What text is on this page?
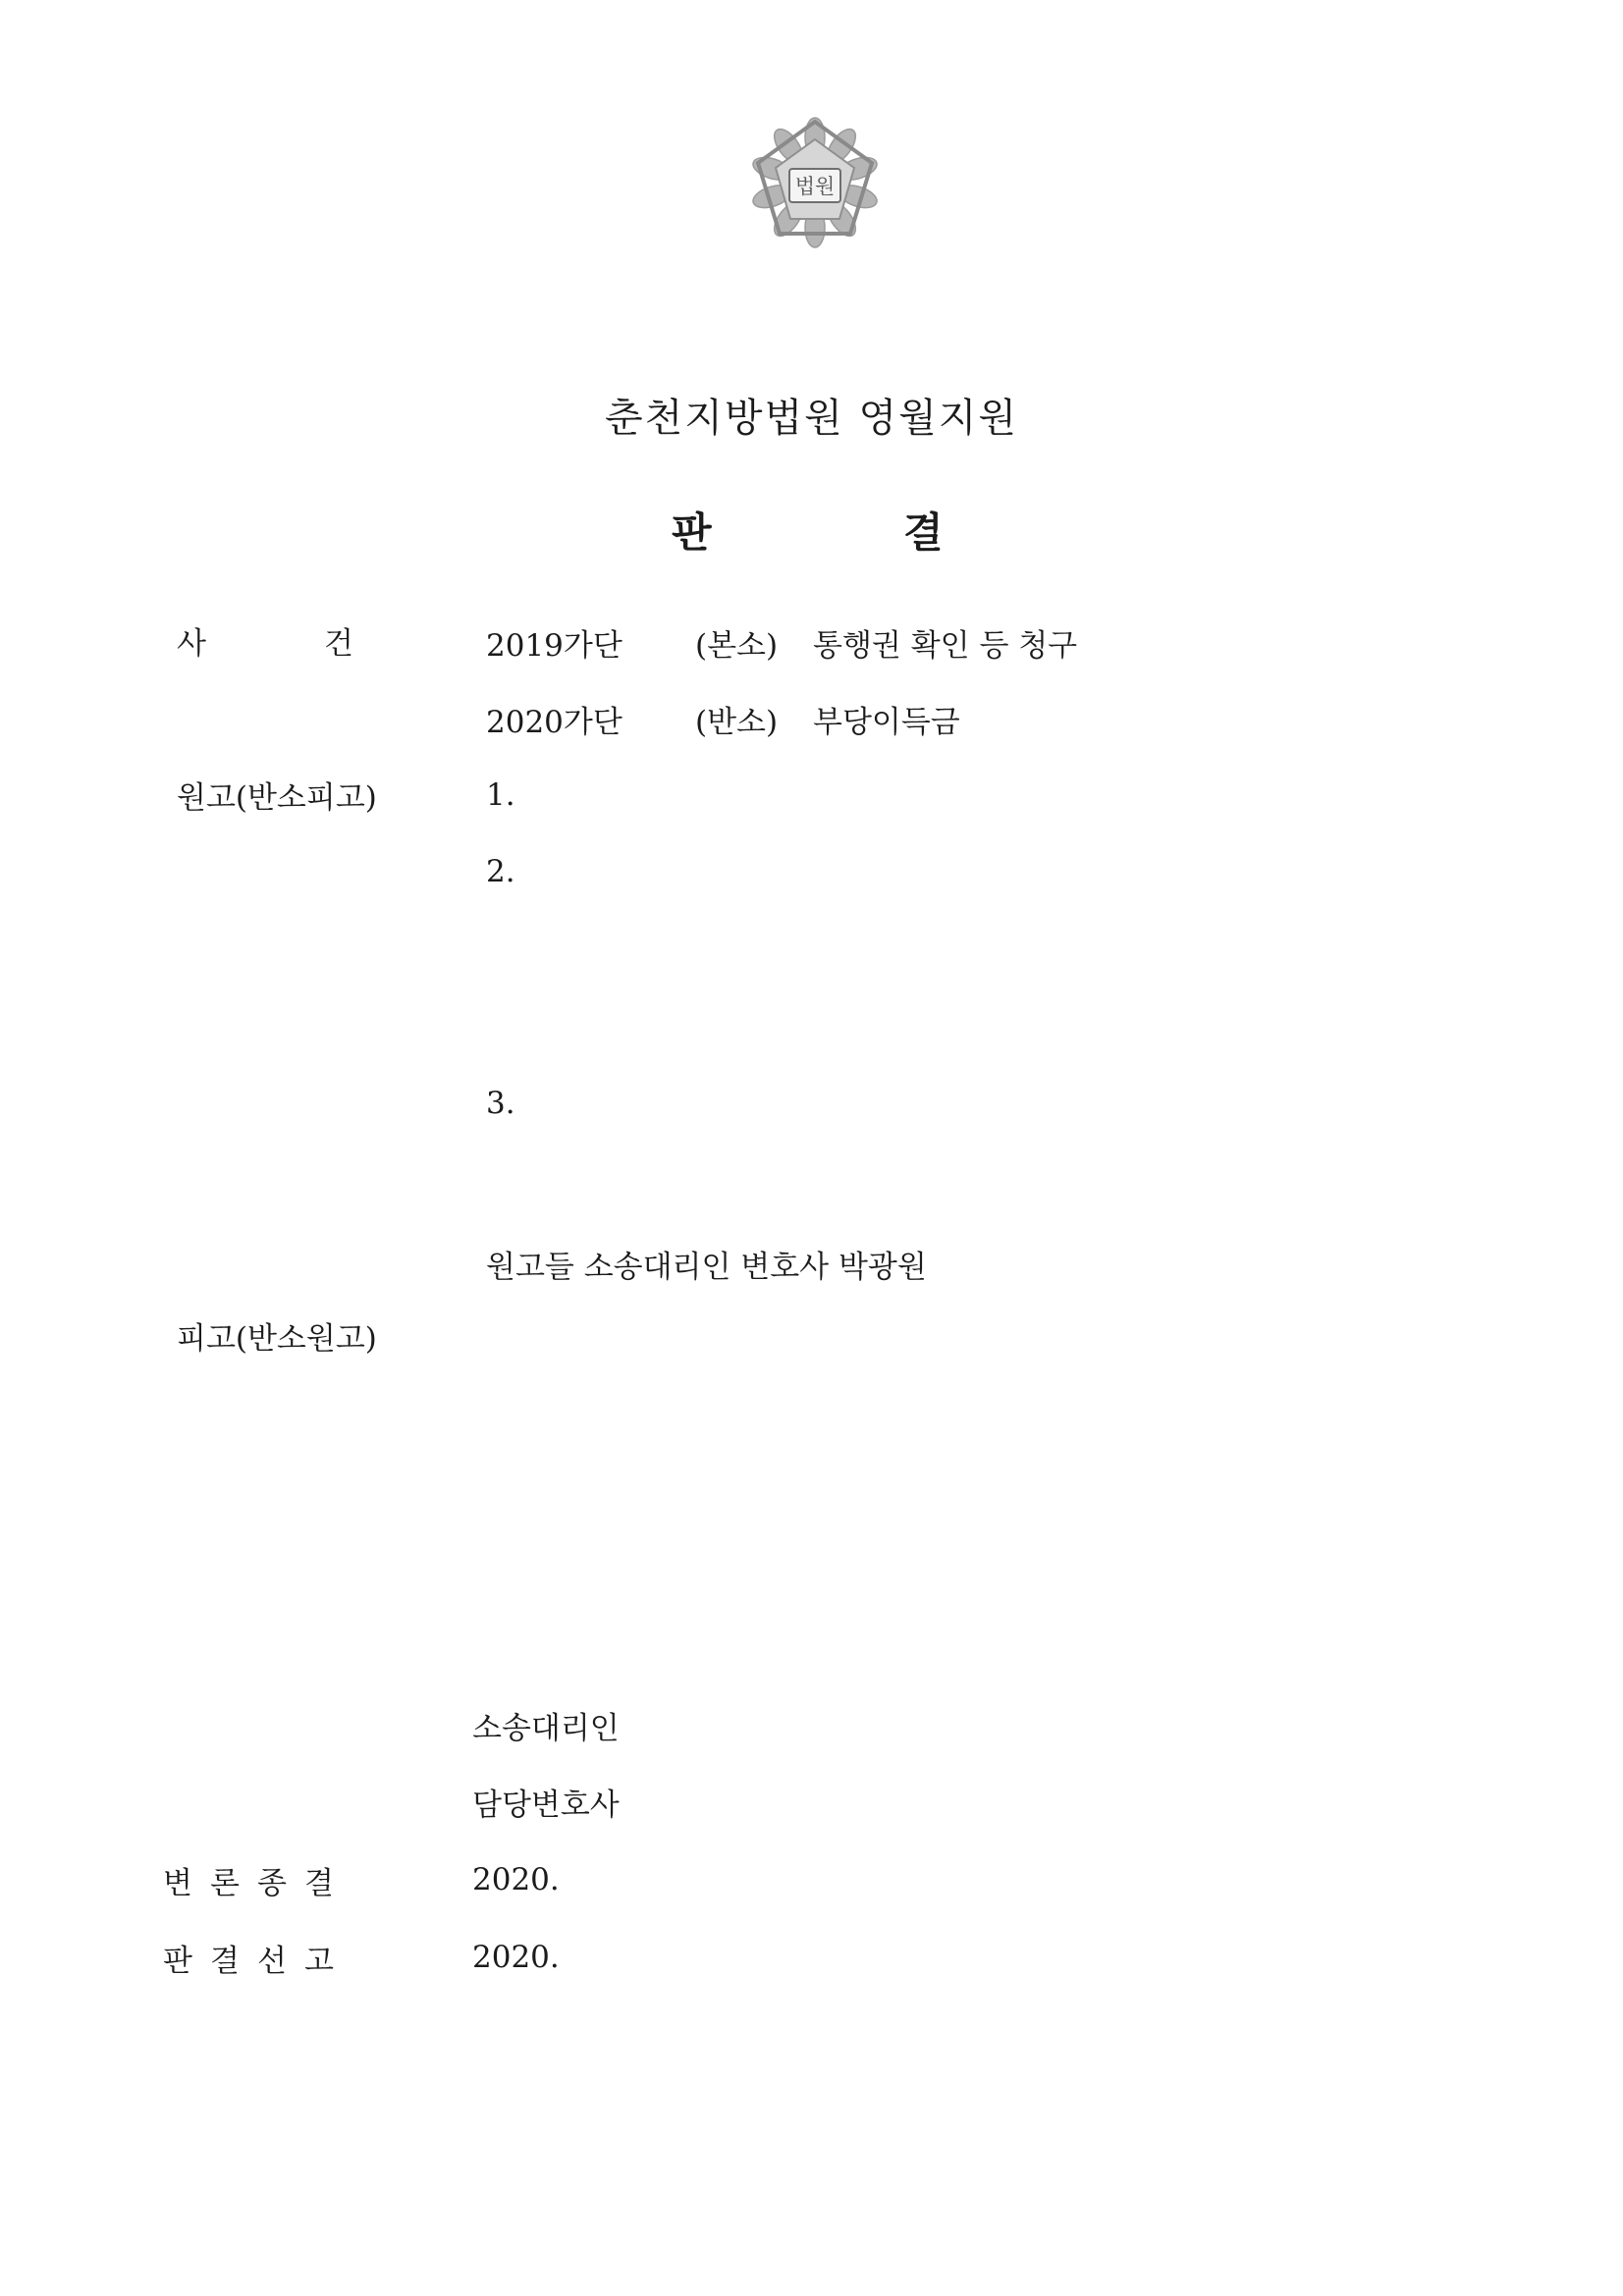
법원
춘천지방법원 영월지원
판	결
사	건	2019가단 (본소) 통행권 확인 등 청구
2020가단 (반소) 부당이득금
원고(반소피고)	1.
2.
3.
원고들 소송대리인 변호사 박광원
피고(반소원고)
소송대리인
담당변호사
변 론 종 결	2020.
판 결 선 고	2020.
